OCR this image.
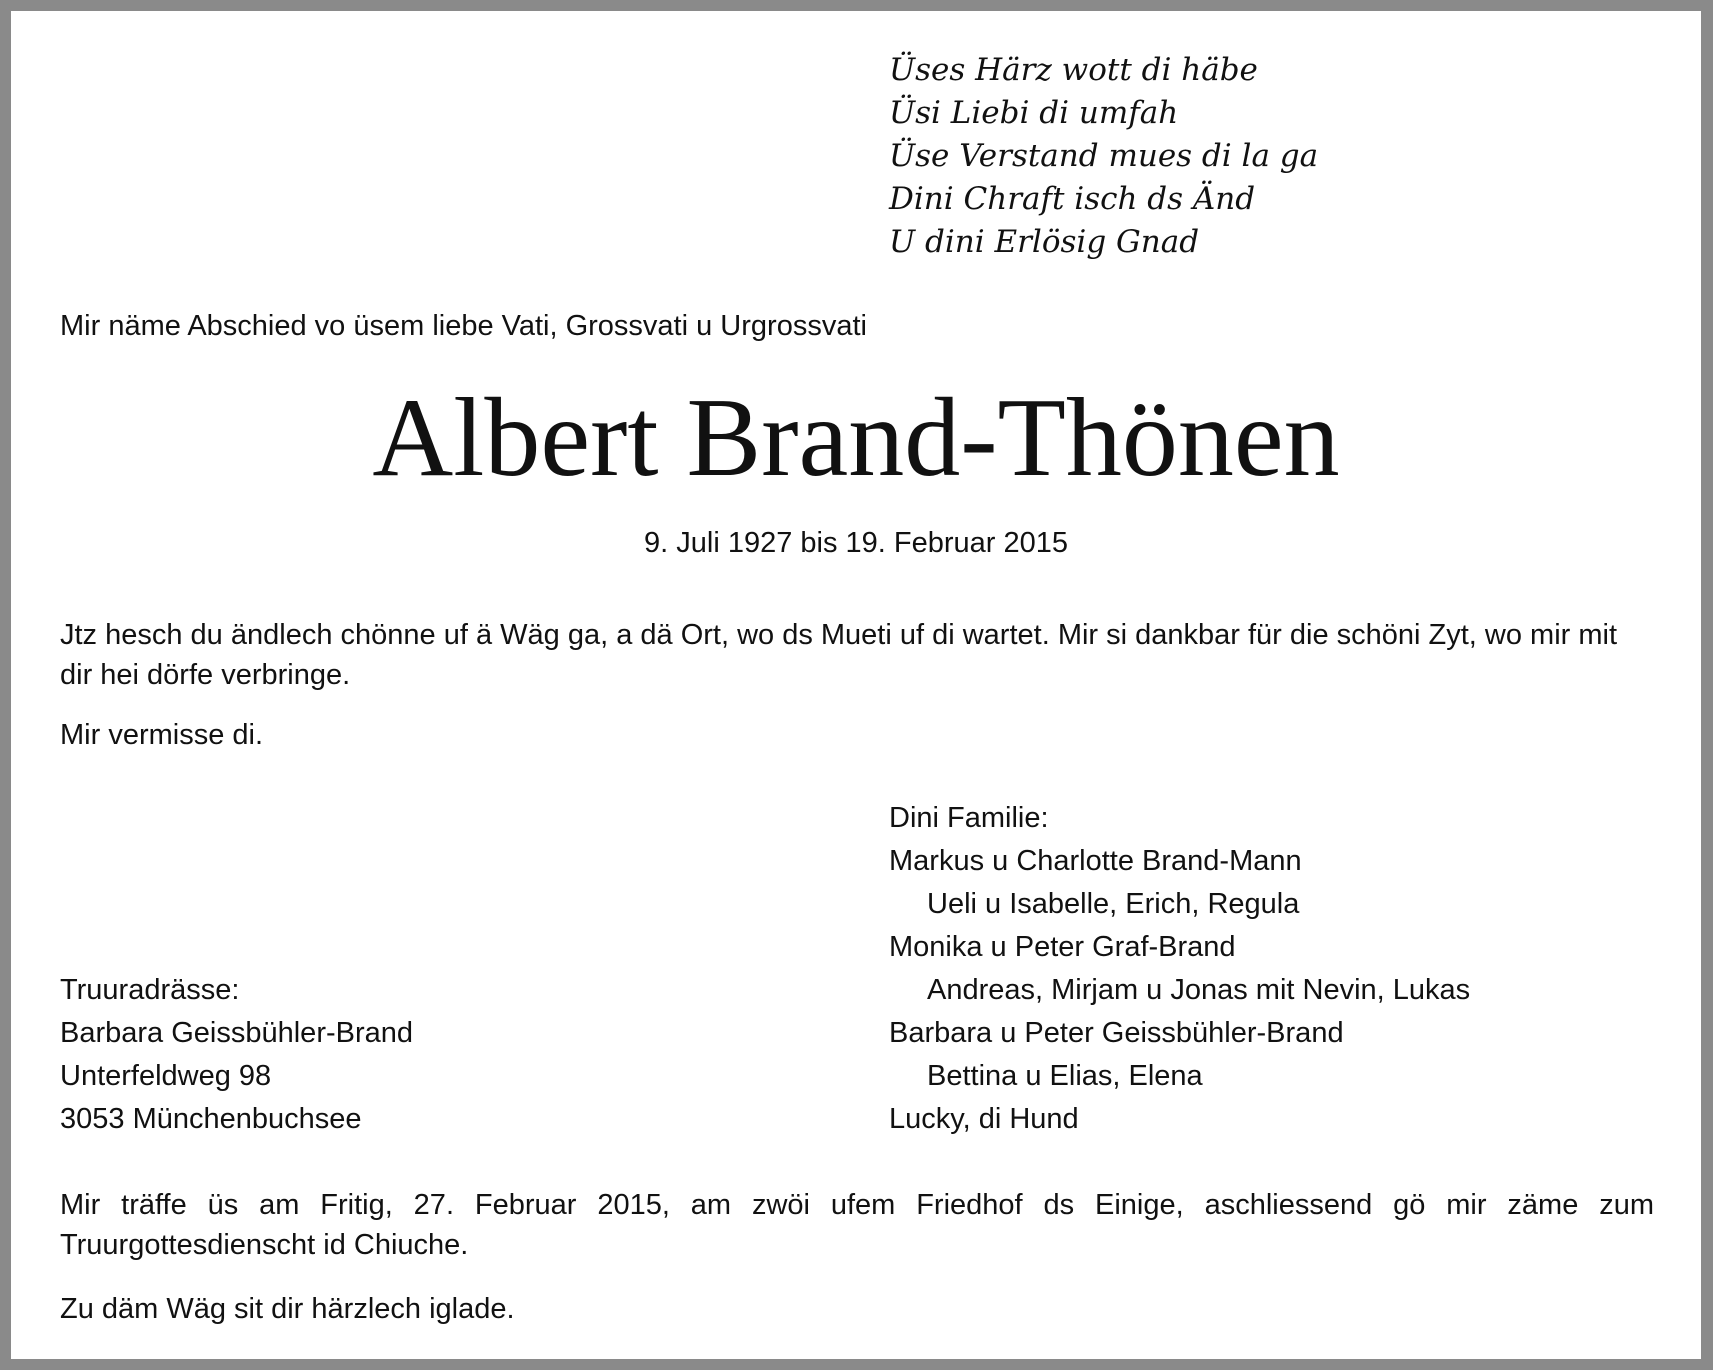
Üses Härz wott di häbe
Üsi Liebi di umfah
Üse Verstand mues di la ga
Dini Chraft isch ds Änd
U dini Erlösig Gnad
Mir näme Abschied vo üsem liebe Vati, Grossvati u Urgrossvati
Albert Brand-Thönen
9. Juli 1927 bis 19. Februar 2015
Jtz hesch du ändlech chönne uf ä Wäg ga, a dä Ort, wo ds Mueti uf di wartet. Mir si dankbar für die schöni Zyt, wo mir mit dir hei dörfe verbringe.
Mir vermisse di.
Dini Familie:
Markus u Charlotte Brand-Mann
Ueli u Isabelle, Erich, Regula
Monika u Peter Graf-Brand
Andreas, Mirjam u Jonas mit Nevin, Lukas
Barbara u Peter Geissbühler-Brand
Bettina u Elias, Elena
Lucky, di Hund
Truuradrässe:
Barbara Geissbühler-Brand
Unterfeldweg 98
3053 Münchenbuchsee
Mir träffe üs am Fritig, 27. Februar 2015, am zwöi ufem Friedhof ds Einige, aschliessend gö mir zäme zum Truurgottesdienscht id Chiuche.
Zu däm Wäg sit dir härzlech iglade.
